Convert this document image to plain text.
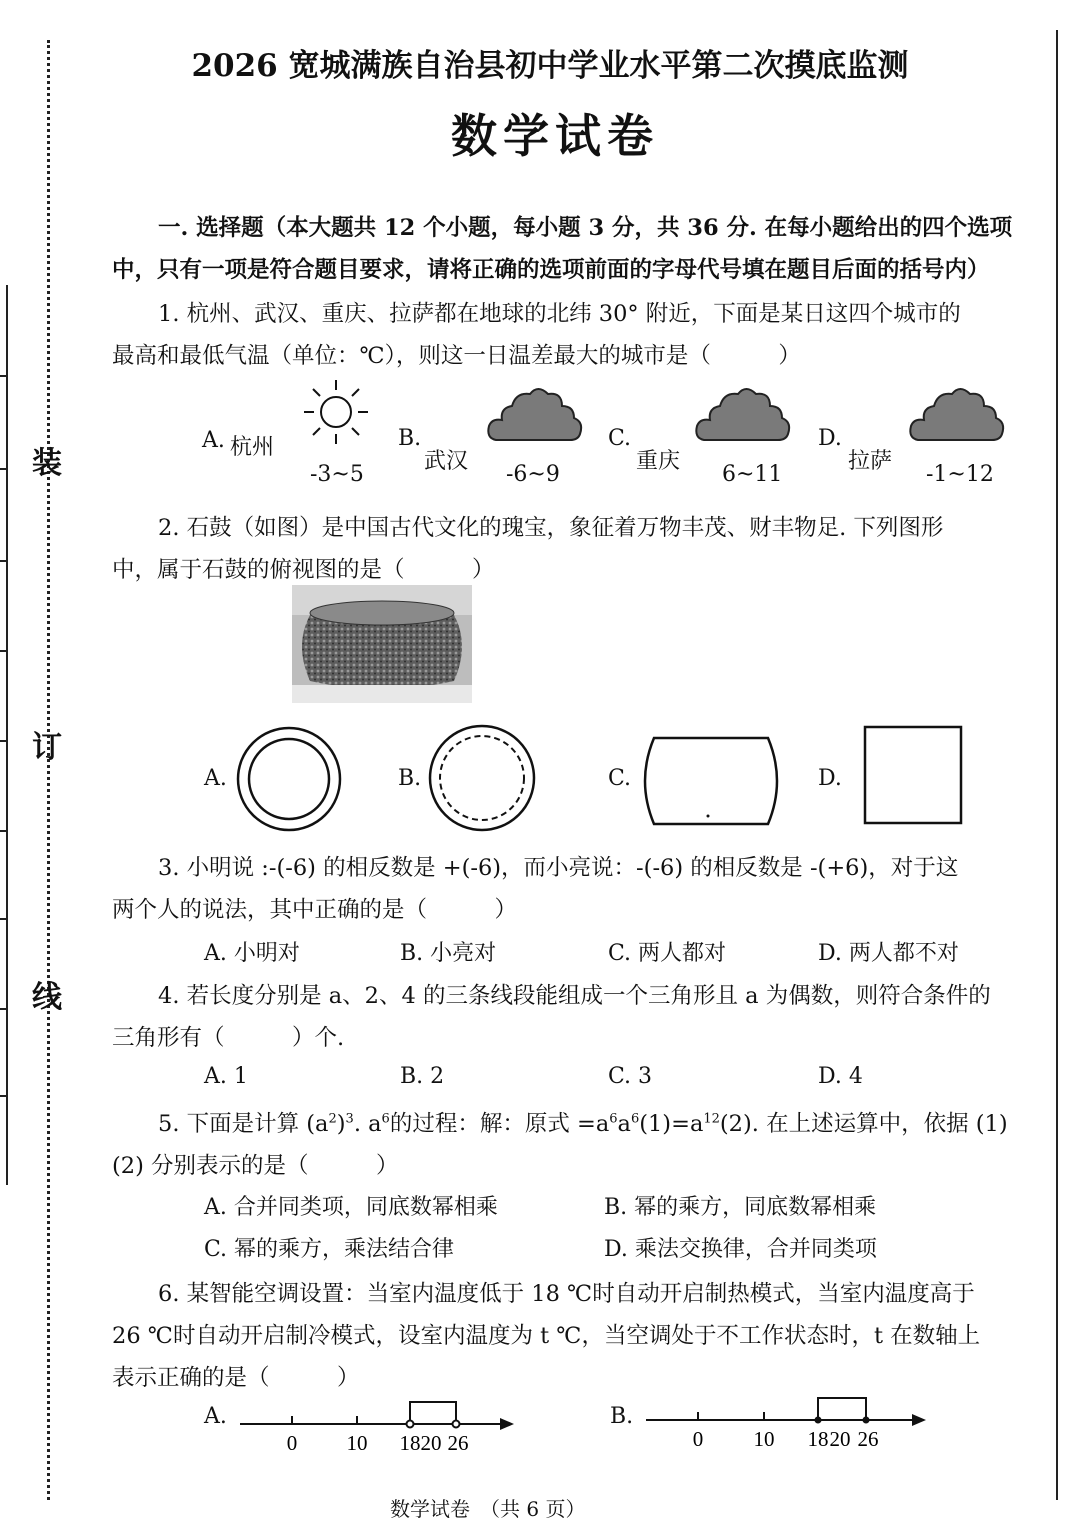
装
订
线
2026 宽城满族自治县初中学业水平第二次摸底监测
数学试卷
一. 选择题（本大题共 12 个小题，每小题 3 分，共 36 分. 在每小题给出的四个选项
中，只有一项是符合题目要求，请将正确的选项前面的字母代号填在题目后面的括号内）
1. 杭州、武汉、重庆、拉萨都在地球的北纬 30° 附近，下面是某日这四个城市的
最高和最低气温（单位：℃），则这一日温差最大的城市是（　　　）
A. 杭州
-3~5
B.
武汉
-6~9
C.
重庆
6~11
D.
拉萨
-1~12
2. 石鼓（如图）是中国古代文化的瑰宝，象征着万物丰茂、财丰物足. 下列图形
中，属于石鼓的俯视图的是（　　　）
A.	B.	C.	D.
3. 小明说 :-(-6) 的相反数是 +(-6)，而小亮说：-(-6) 的相反数是 -(+6)，对于这
两个人的说法，其中正确的是（　　　）
A. 小明对	B. 小亮对	C. 两人都对	D. 两人都不对
4. 若长度分别是 a、2、4 的三条线段能组成一个三角形且 a 为偶数，则符合条件的
三角形有（　　　）个.
A. 1	B. 2	C. 3	D. 4
5. 下面是计算 $(a^2)^3$. $a^6$的过程：解：原式 $=a^6a^6(1)=a^{12}(2)$. 在上述运算中，依据 (1)
(2) 分别表示的是（　　　）
A. 合并同类项，同底数幂相乘	B. 幂的乘方，同底数幂相乘
C. 幂的乘方，乘法结合律	D. 乘法交换律，合并同类项
6. 某智能空调设置：当室内温度低于 18 ℃时自动开启制热模式，当室内温度高于
26 ℃时自动开启制冷模式，设室内温度为 t ℃，当空调处于不工作状态时，t 在数轴上
表示正确的是（　　　）
A.
0 10 18 20 26
B.
0 10 18 20 26
数学试卷　（共 6 页）
